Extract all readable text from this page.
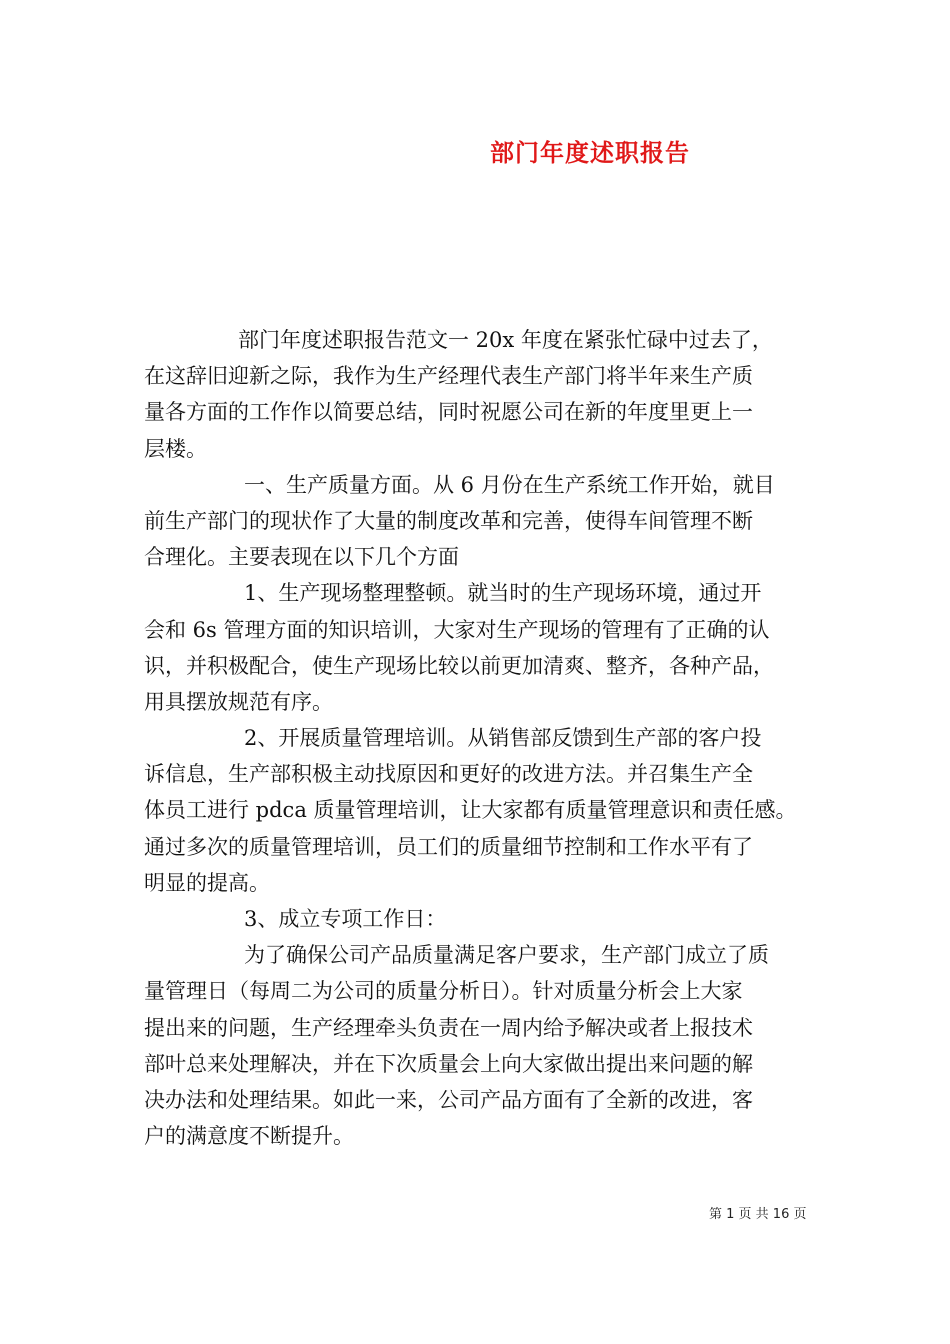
部门年度述职报告
部门年度述职报告范文一 20x 年度在紧张忙碌中过去了，
在这辞旧迎新之际，我作为生产经理代表生产部门将半年来生产质
量各方面的工作作以简要总结，同时祝愿公司在新的年度里更上一
层楼。
一、生产质量方面。从 6 月份在生产系统工作开始，就目
前生产部门的现状作了大量的制度改革和完善，使得车间管理不断
合理化。主要表现在以下几个方面
1、生产现场整理整顿。就当时的生产现场环境，通过开
会和 6s 管理方面的知识培训，大家对生产现场的管理有了正确的认
识，并积极配合，使生产现场比较以前更加清爽、整齐，各种产品，
用具摆放规范有序。
2、开展质量管理培训。从销售部反馈到生产部的客户投
诉信息，生产部积极主动找原因和更好的改进方法。并召集生产全
体员工进行 pdca 质量管理培训，让大家都有质量管理意识和责任感。
通过多次的质量管理培训，员工们的质量细节控制和工作水平有了
明显的提高。
3、成立专项工作日：
为了确保公司产品质量满足客户要求，生产部门成立了质
量管理日（每周二为公司的质量分析日）。针对质量分析会上大家
提出来的问题，生产经理牵头负责在一周内给予解决或者上报技术
部叶总来处理解决，并在下次质量会上向大家做出提出来问题的解
决办法和处理结果。如此一来，公司产品方面有了全新的改进，客
户的满意度不断提升。
第 1 页 共 16 页
